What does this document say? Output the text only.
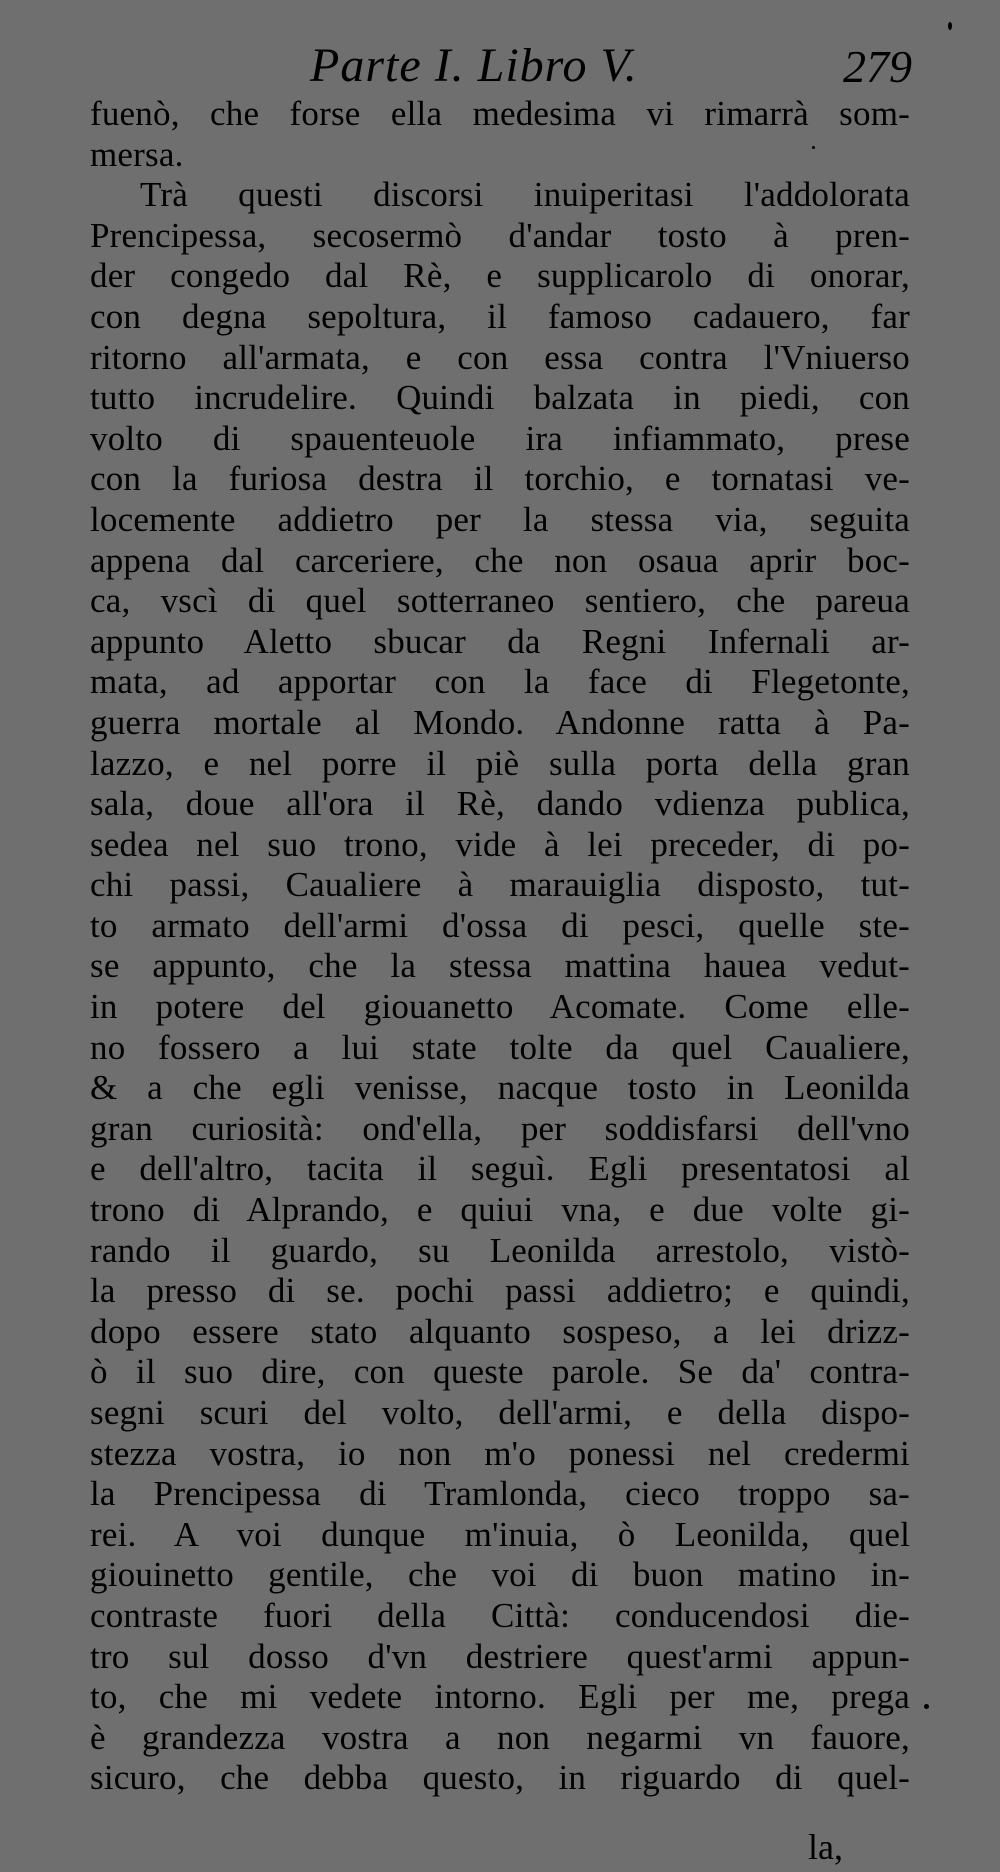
Parte I. Libro V.	279
fuenò, che forse ella medesima vi rimarrà som-
mersa.
Trà questi discorsi inuiperitasi l'addolorata
Prencipessa, secosermò d'andar tosto à pren-
der congedo dal Rè, e supplicarolo di onorar,
con degna sepoltura, il famoso cadauero, far
ritorno all'armata, e con essa contra l'Vniuerso
tutto incrudelire. Quindi balzata in piedi, con
volto di spauenteuole ira infiammato, prese
con la furiosa destra il torchio, e tornatasi ve-
locemente addietro per la stessa via, seguita
appena dal carceriere, che non osaua aprir boc-
ca, vscì di quel sotterraneo sentiero, che pareua
appunto Aletto sbucar da Regni Infernali ar-
mata, ad apportar con la face di Flegetonte,
guerra mortale al Mondo. Andonne ratta à Pa-
lazzo, e nel porre il piè sulla porta della gran
sala, doue all'ora il Rè, dando vdienza publica,
sedea nel suo trono, vide à lei preceder, di po-
chi passi, Caualiere à marauiglia disposto, tut-
to armato dell'armi d'ossa di pesci, quelle ste-
se appunto, che la stessa mattina hauea vedut-
in potere del giouanetto Acomate. Come elle-
no fossero a lui state tolte da quel Caualiere,
& a che egli venisse, nacque tosto in Leonilda
gran curiosità: ond'ella, per soddisfarsi dell'vno
e dell'altro, tacita il seguì. Egli presentatosi al
trono di Alprando, e quiui vna, e due volte gi-
rando il guardo, su Leonilda arrestolo, vistò-
la presso di se. pochi passi addietro; e quindi,
dopo essere stato alquanto sospeso, a lei drizz-
ò il suo dire, con queste parole. Se da' contra-
segni scuri del volto, dell'armi, e della dispo-
stezza vostra, io non m'o ponessi nel credermi
la Prencipessa di Tramlonda, cieco troppo sa-
rei. A voi dunque m'inuia, ò Leonilda, quel
giouinetto gentile, che voi di buon matino in-
contraste fuori della Città: conducendosi die-
tro sul dosso d'vn destriere quest'armi appun-
to, che mi vedete intorno. Egli per me, prega
è grandezza vostra a non negarmi vn fauore,
sicuro, che debba questo, in riguardo di quel-
la,
